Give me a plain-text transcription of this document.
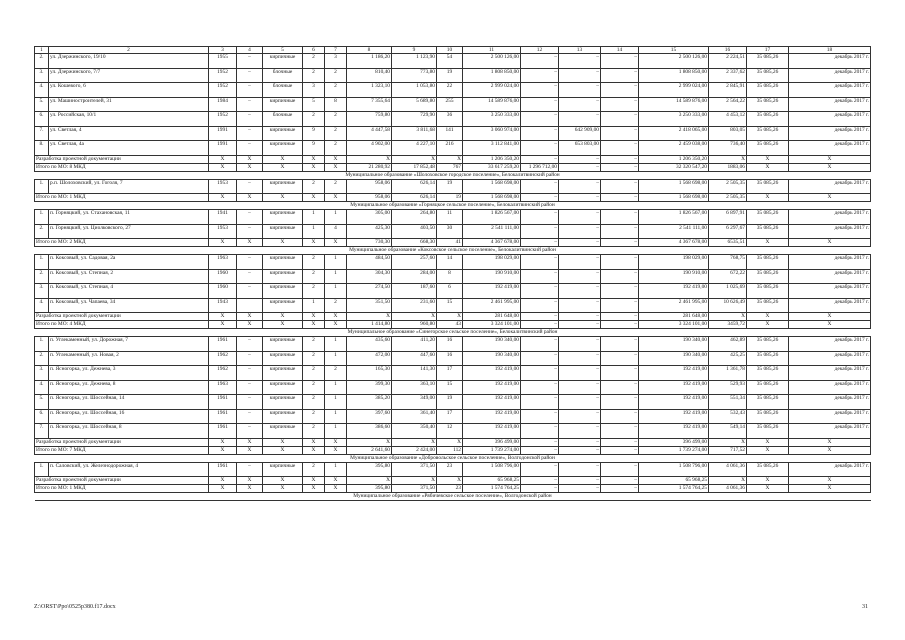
1	2	3	4	5	6	7	8	9	10	11	12	13	14	15	16	17	18
2.	ул. Дзержинского, 19/10	1955	–	кирпичные	2	3	1 186,20	1 123,90	54	2 500 126,00	–	–	–	2 500 126,00	2 224,51	35 085,26	декабрь 2017 г.
3.	ул. Дзержинского, 7/7	1952	–	блочные	2	2	810,40	773,80	19	1 808 850,00	–	–	–	1 808 850,00	2 337,62	35 085,26	декабрь 2017 г.
4.	ул. Кошевого, 6	1952	–	блочные	3	2	1 323,10	1 053,80	22	2 999 024,00	–	–	–	2 999 024,00	2 845,91	35 085,26	декабрь 2017 г.
5.	ул. Машиностроителей, 31	1984	–	кирпичные	5	8	7 355,64	5 689,80	255	14 589 876,00	–	–	–	14 589 876,00	2 564,22	35 085,26	декабрь 2017 г.
6.	ул. Российская, 10/1	1952	–	блочные	2	2	759,80	729,90	36	3 250 333,00	–	–	–	3 250 333,00	4 453,12	35 085,26	декабрь 2017 г.
7.	ул. Светлая, 4	1991	–	кирпичные	9	2	4 447,58	3 811,68	141	3 060 974,00	–	642 909,00	–	2 418 065,00	803,05	35 085,26	декабрь 2017 г.
8.	ул. Светлая, 4а	1991	–	кирпичные	9	2	4 902,00	4 227,10	216	3 112 841,00	–	653 803,00	–	2 459 038,00	736,40	35 085,26	декабрь 2017 г.
Разработка проектной документации		X	X	X	X	X	X	X	X	1 206 350,20	–	–	–	1 206 350,20	X	X	X
Итого по МО: 8 МКД		X	X	X	X	X	21 280,92	17 852,48	767	33 617 259,20	1 296 712,00	–	–	32 320 547,20	1883,06	X	X
Муниципальное образование «Шолоховское городское поселение», Белокалитвинский район																	
1.	р.п. Шолоховский, ул. Гоголя, 7	1953	–	кирпичные	2	2	958,06	626,14	19	1 568 698,00	–	–	–	1 568 698,00	2 505,35	35 085,26	декабрь 2017 г.
Итого по МО: 1 МКД		X	X	X	X	X	958,06	626,14	19	1 568 698,00	–	–	–	1 568 698,00	2 505,35	X	X
Муниципальное образование «Горняцкое сельское поселение», Белокалитвинский район																	
1.	п. Горняцкий, ул. Стахановская, 11	1941	–	кирпичные	1	1	305,00	264,80	11	1 826 567,00	–	–	–	1 826 567,00	6 897,91	35 085,26	декабрь 2017 г.
2.	п. Горняцкий, ул. Циолковского, 27	1953	–	кирпичные	1	4	425,30	403,50	30	2 541 111,00	–	–	–	2 541 111,00	6 297,67	35 085,26	декабрь 2017 г.
Итого по МО: 2 МКД		X	X	X	X	X	730,30	668,30	41	4 367 678,00	–	–	–	4 367 678,00	6535,51	X	X
Муниципальное образование «Коксовское сельское поселение», Белокалитвинский район																	
1.	п. Коксовый, ул. Садовая, 2а	1963	–	кирпичные	2	1	484,50	257,60	14	198 029,00	–	–	–	198 029,00	768,75	35 085,26	декабрь 2017 г.
2.	п. Коксовый, ул. Степная, 2	1960	–	кирпичные	2	1	304,30	284,00	8	190 910,00	–	–	–	190 910,00	672,22	35 085,26	декабрь 2017 г.
3.	п. Коксовый, ул. Степная, 4	1960	–	кирпичные	2	1	274,50	187,60	6	192 419,00	–	–	–	192 419,00	1 025,69	35 085,26	декабрь 2017 г.
4.	п. Коксовый, ул. Чапаева, 34	1943		кирпичные	1	2	351,50	231,60	15	2 461 995,00	–	–	–	2 461 995,00	10 626,49	35 085,26	декабрь 2017 г.
Разработка проектной документации		X	X	X	X	X	X	X	X	281 648,00	–	–	–	281 648,00	X	X	X
Итого по МО: 4 МКД		X	X	X	X	X	1 414,80	960,80	43	3 324 101,00	–	–	–	3 324 101,00	3459,72	X	X
Муниципальное образование «Синегорское сельское поселение», Белокалитвинский район																	
1.	п. Углекаменный, ул. Дорожная, 7	1961	–	кирпичные	2	1	435,60	411,20	16	190 340,00	–	–	–	190 340,00	462,89	35 085,26	декабрь 2017 г.
2.	п. Углекаменный, ул. Новая, 2	1962	–	кирпичные	2	1	472,00	447,60	16	190 340,00	–	–	–	190 340,00	425,25	35 085,26	декабрь 2017 г.
3.	п. Ясногорка, ул. Дежнева, 3	1962	–	кирпичные	2	2	165,30	141,30	17	192 419,00	–	–	–	192 419,00	1 361,78	35 085,26	декабрь 2017 г.
4.	п. Ясногорка, ул. Дежнева, 8	1963	–	кирпичные	2	1	399,30	363,10	15	192 419,00	–	–	–	192 419,00	529,93	35 085,26	декабрь 2017 г.
5.	п. Ясногорка, ул. Шоссейная, 14	1961	–	кирпичные	2	1	385,20	349,00	19	192 419,00	–	–	–	192 419,00	551,34	35 085,26	декабрь 2017 г.
6.	п. Ясногорка, ул. Шоссейная, 16	1961	–	кирпичные	2	1	397,60	361,40	17	192 419,00	–	–	–	192 419,00	532,43	35 085,26	декабрь 2017 г.
7.	п. Ясногорка, ул. Шоссейная, 8	1961	–	кирпичные	2	1	386,60	350,40	12	192 419,00	–	–	–	192 419,00	549,14	35 085,26	декабрь 2017 г.
Разработка проектной документации		X	X	X	X	X	X	X	X	396 499,00	–	–	–	396 499,00	X	X	X
Итого по МО: 7 МКД		X	X	X	X	X	2 641,60	2 424,00	112	1 739 274,00	–	–	–	1 739 274,00	717,52	X	X
Муниципальное образование «Добровольское сельское поселение», Волгодонской район																	
1.	п. Саловский, ул. Железнодорожная, 4	1961	–	кирпичные	2	1	395,80	371,50	23	1 508 796,00	–	–	–	1 508 796,00	4 061,36	35 085,26	декабрь 2017 г.
Разработка проектной документации		X	X	X	X	X	X	X	X	65 968,25	–	–	–	65 968,25	X	X	X
Итого по МО: 1 МКД		X	X	X	X	X	395,80	371,50	23	1 574 764,25	–	–	–	1 574 764,25	4 061,36	X	X
Муниципальное образование «Рябичевское сельское поселение», Волгодонской район																	
Z:\ORST\Ppo\0525p380.f17.docx	31
